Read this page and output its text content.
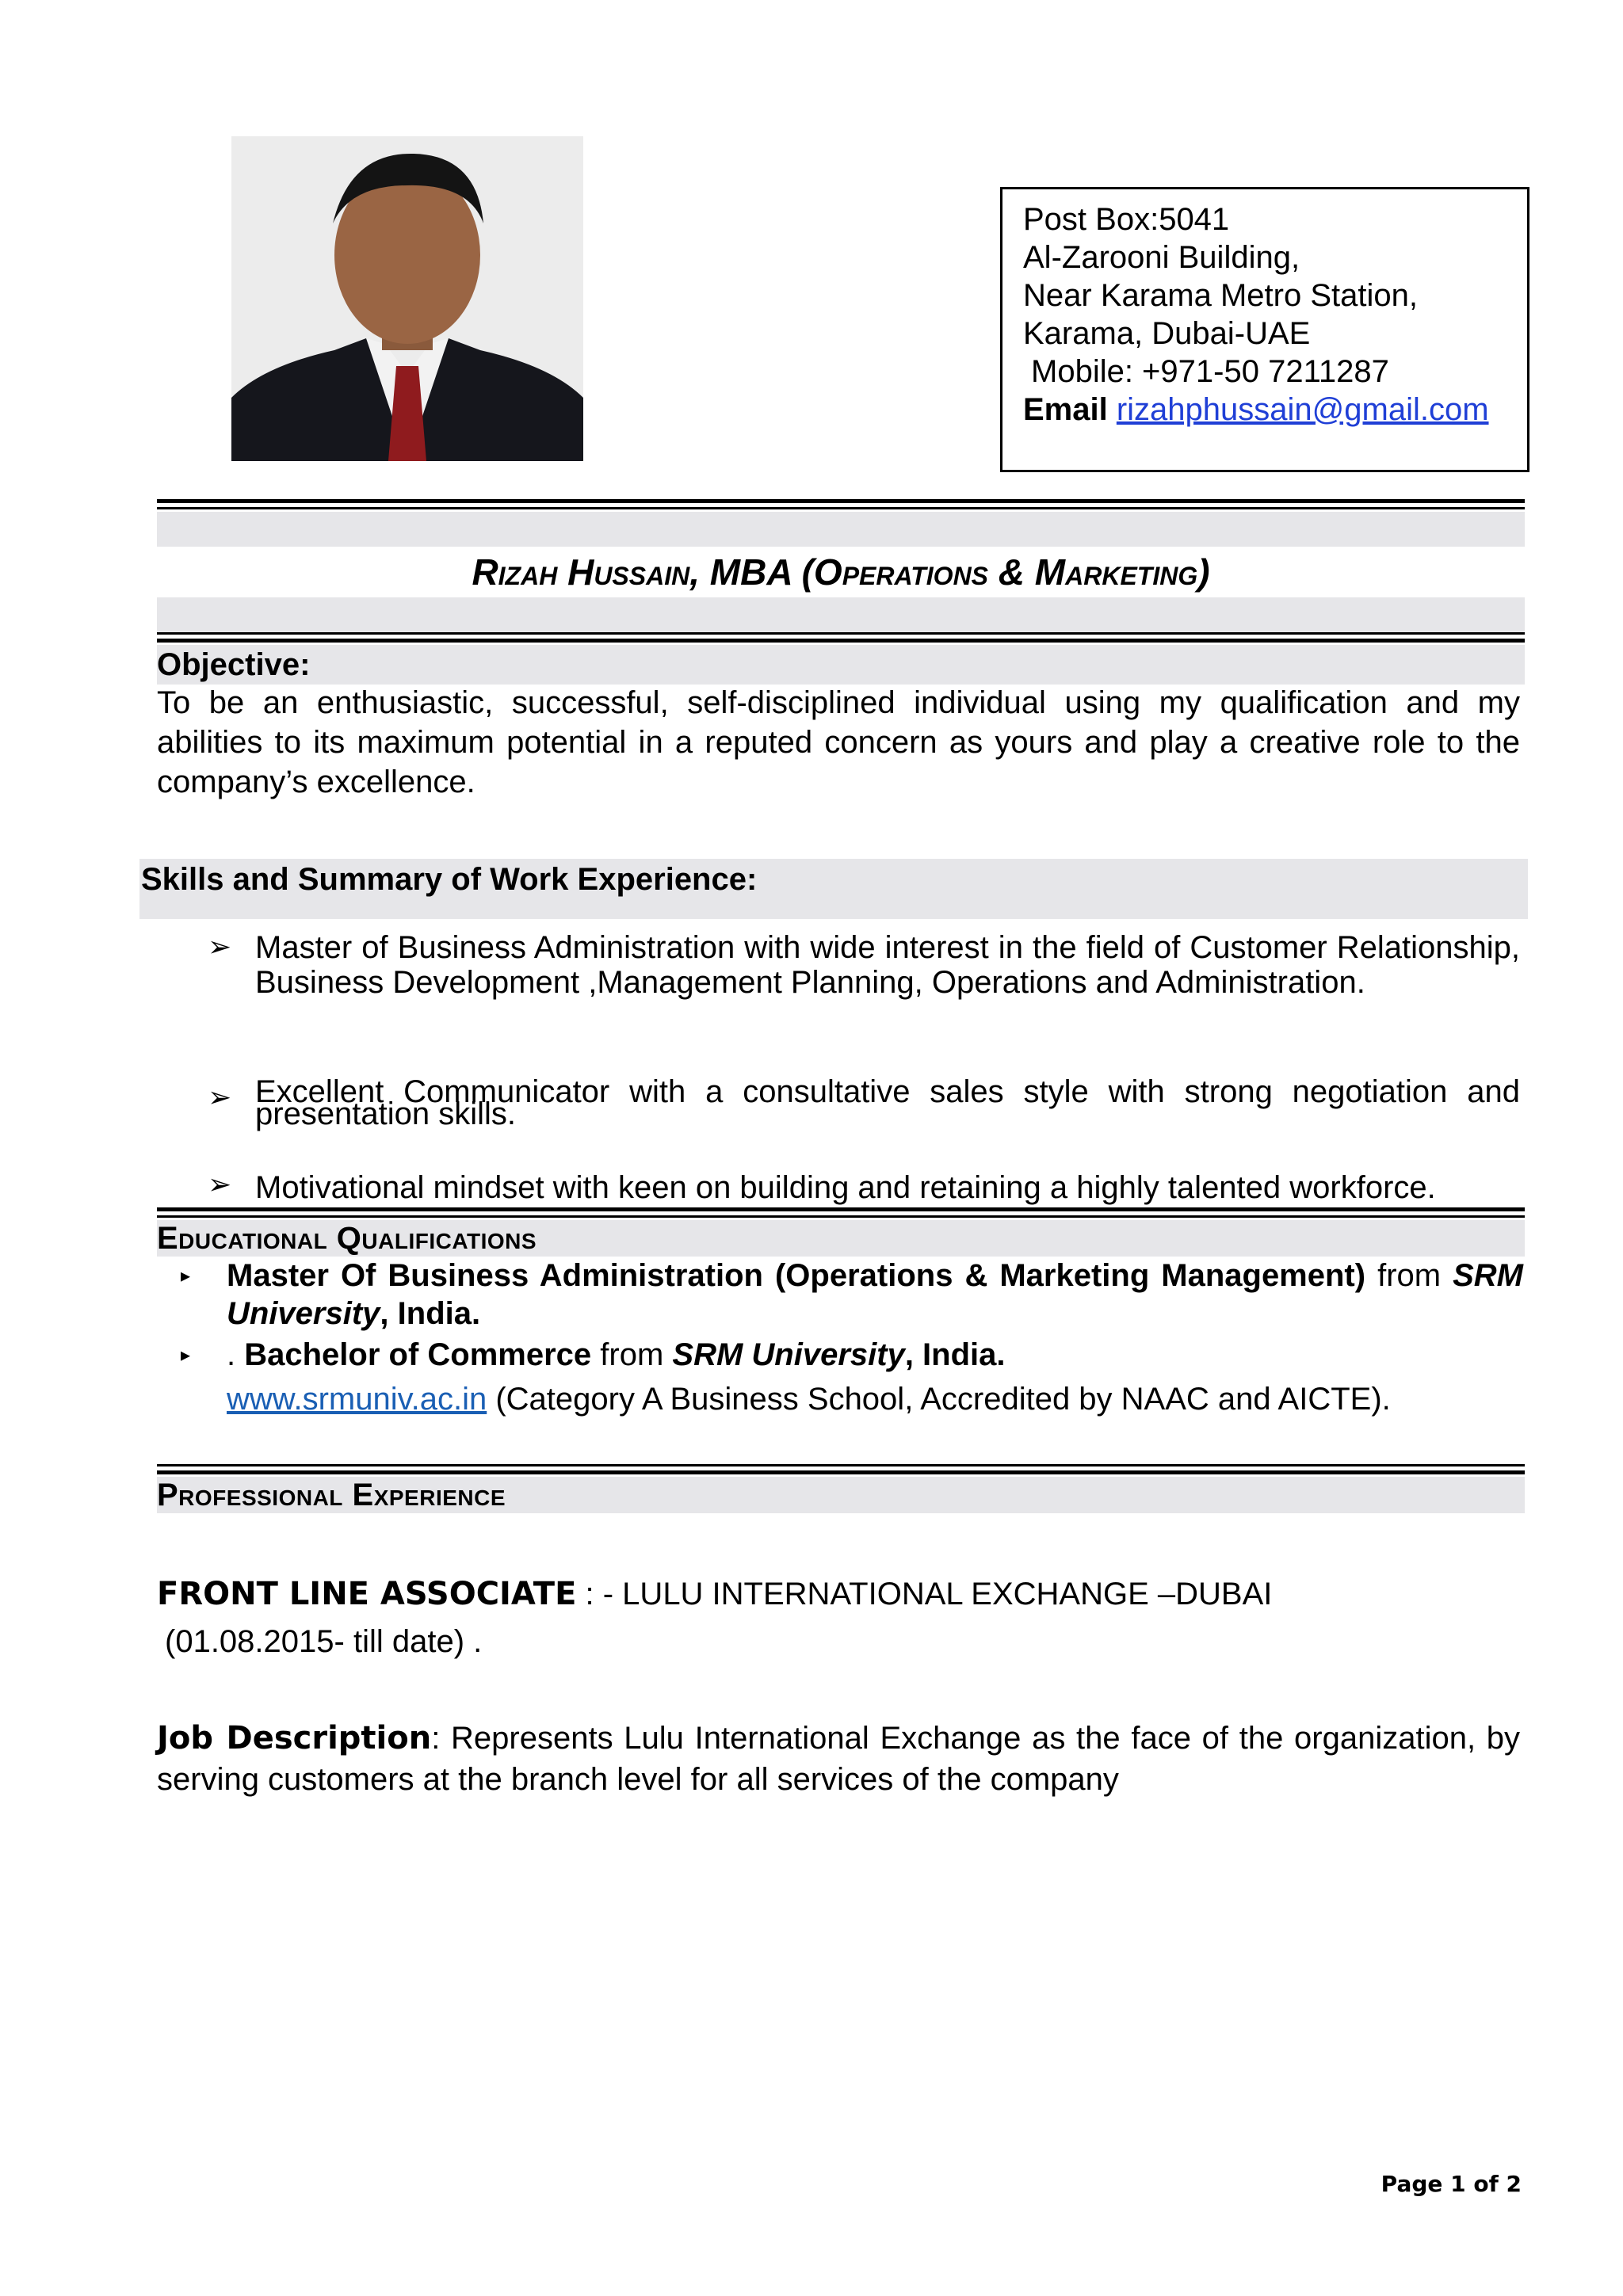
Post Box:5041
Al-Zarooni Building,
Near Karama Metro Station,
Karama, Dubai-UAE
Mobile: +971-50 7211287
Email rizahphussain@gmail.com
Rizah Hussain, MBA (Operations & Marketing)
Objective:
To be an enthusiastic, successful, self-disciplined individual using my qualification and my abilities to its maximum potential in a reputed concern as yours and play a creative role to the company’s excellence.
Skills and Summary of Work Experience:
➢ Master of Business Administration with wide interest in the field of Customer Relationship, Business Development ,Management Planning, Operations and Administration.
➢ Excellent Communicator with a consultative sales style with strong negotiation and presentation skills.
➢ Motivational mindset with keen on building and retaining a highly talented workforce.
Educational Qualifications
▸ Master Of Business Administration (Operations & Marketing Management) from SRM University, India.
▸ . Bachelor of Commerce from SRM University, India.
www.srmuniv.ac.in (Category A Business School, Accredited by NAAC and AICTE).
Professional Experience
FRONT LINE ASSOCIATE : - LULU INTERNATIONAL EXCHANGE –DUBAI
(01.08.2015- till date) .
Job Description: Represents Lulu International Exchange as the face of the organization, by serving customers at the branch level for all services of the company
Page 1 of 2
